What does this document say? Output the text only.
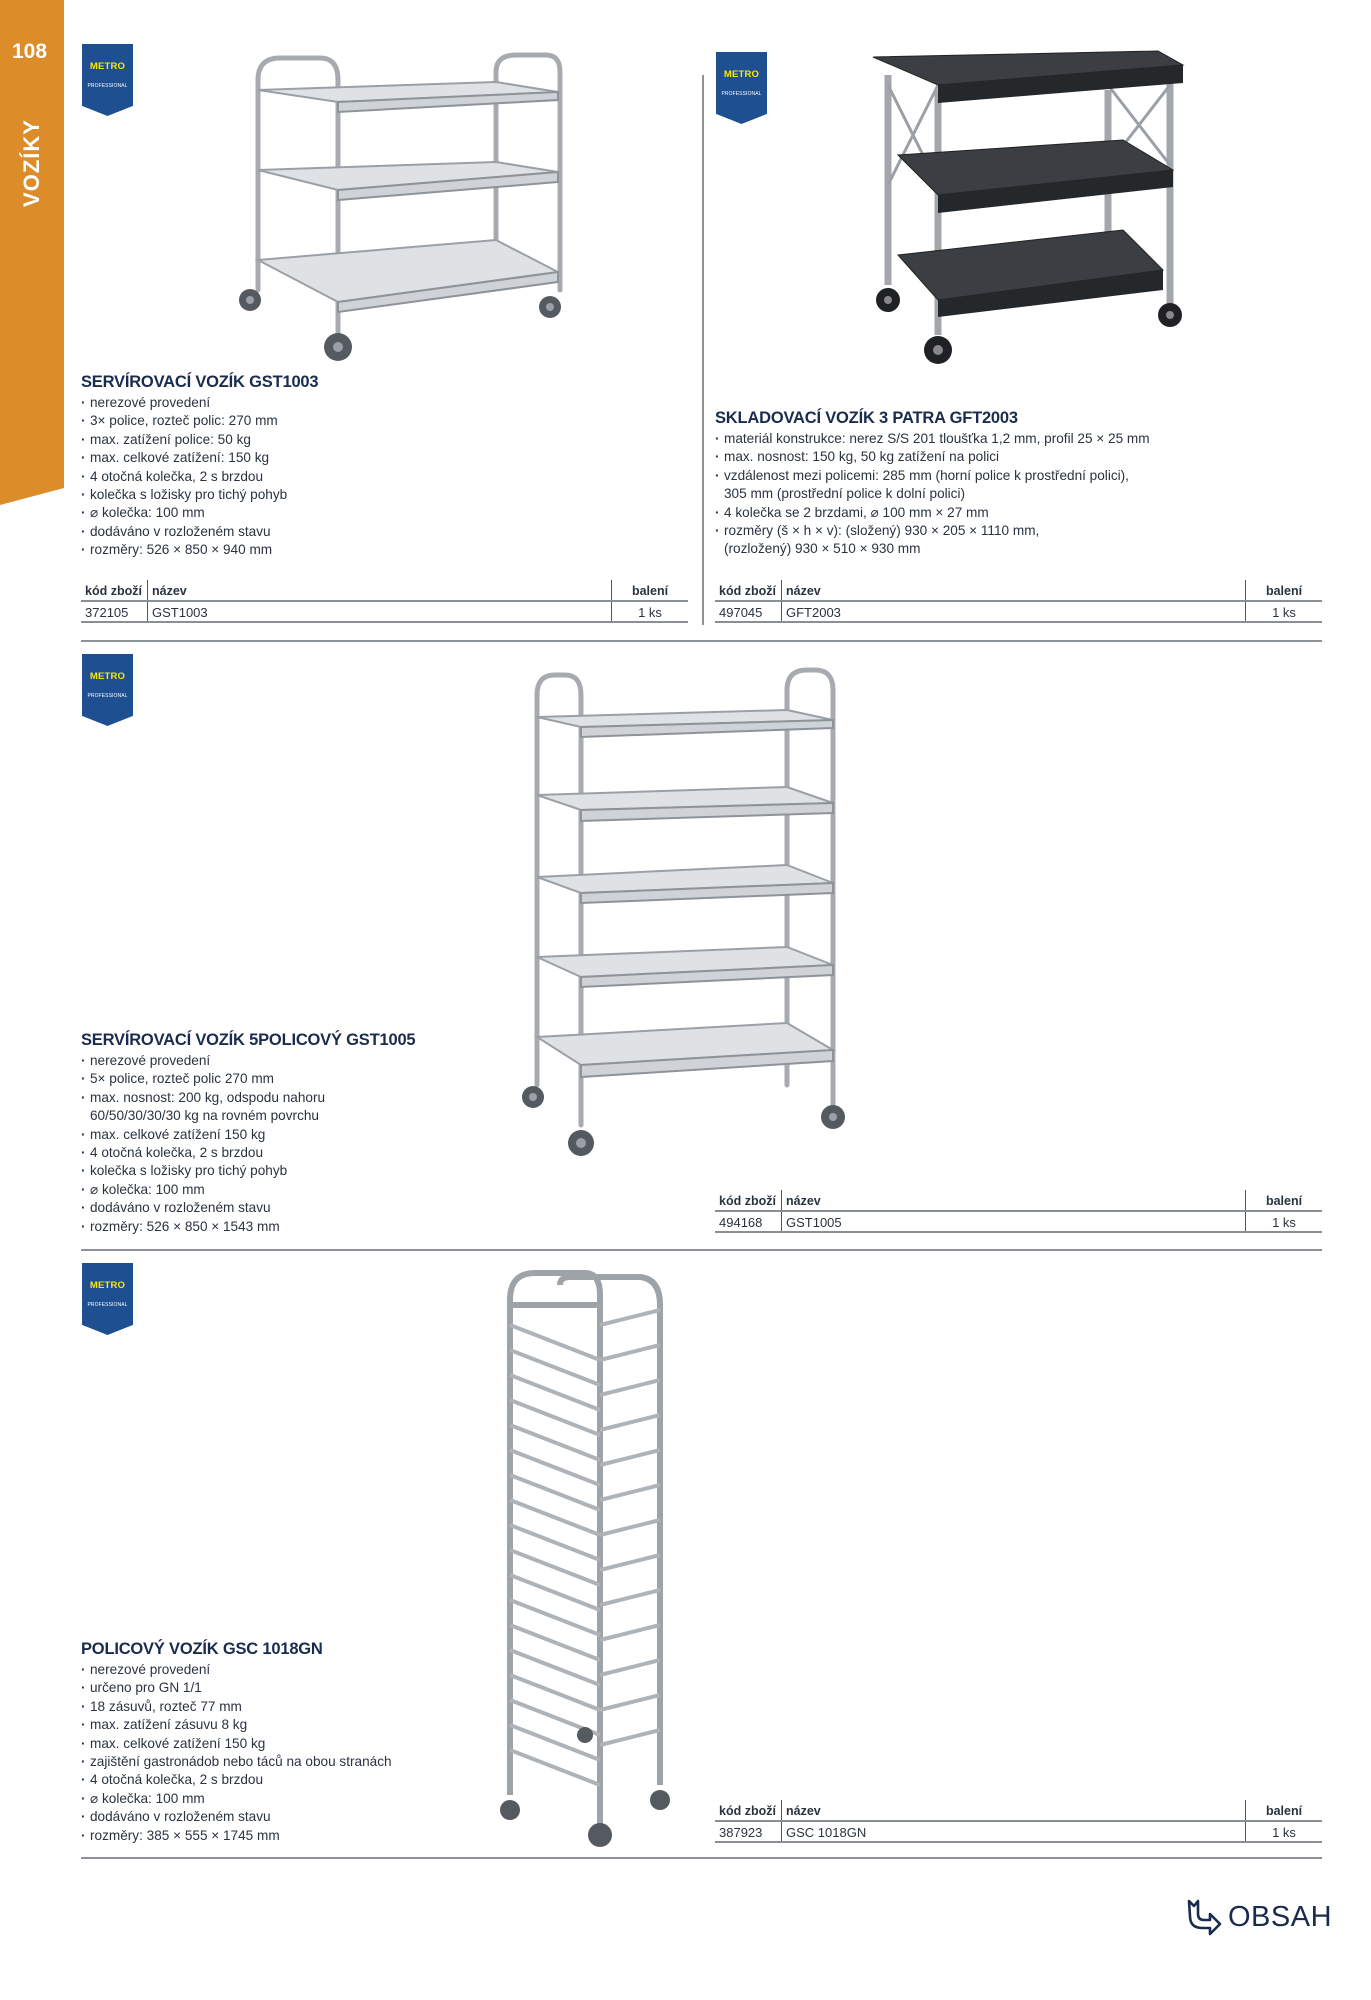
108
VOZÍKY
METRO
PROFESSIONAL
SERVÍROVACÍ VOZÍK GST1003
· nerezové provedení
· 3× police, rozteč polic: 270 mm
· max. zatížení police: 50 kg
· max. celkové zatížení: 150 kg
· 4 otočná kolečka, 2 s brzdou
· kolečka s ložisky pro tichý pohyb
· ⌀ kolečka: 100 mm
· dodáváno v rozloženém stavu
· rozměry: 526 × 850 × 940 mm
kód zboží	název	balení
372105	GST1003	1 ks
METRO
PROFESSIONAL
SKLADOVACÍ VOZÍK 3 PATRA GFT2003
· materiál konstrukce: nerez S/S 201 tloušťka 1,2 mm, profil 25 × 25 mm
· max. nosnost: 150 kg, 50 kg zatížení na polici
· vzdálenost mezi policemi: 285 mm (horní police k prostřední polici),
305 mm (prostřední police k dolní polici)
· 4 kolečka se 2 brzdami, ⌀ 100 mm × 27 mm
· rozměry (š × h × v): (složený) 930 × 205 × 1110 mm,
(rozložený) 930 × 510 × 930 mm
kód zboží	název	balení
497045	GFT2003	1 ks
METRO
PROFESSIONAL
SERVÍROVACÍ VOZÍK 5POLICOVÝ GST1005
· nerezové provedení
· 5× police, rozteč polic 270 mm
· max. nosnost: 200 kg, odspodu nahoru
60/50/30/30/30 kg na rovném povrchu
· max. celkové zatížení 150 kg
· 4 otočná kolečka, 2 s brzdou
· kolečka s ložisky pro tichý pohyb
· ⌀ kolečka: 100 mm
· dodáváno v rozloženém stavu
· rozměry: 526 × 850 × 1543 mm
kód zboží	název	balení
494168	GST1005	1 ks
METRO
PROFESSIONAL
POLICOVÝ VOZÍK GSC 1018GN
· nerezové provedení
· určeno pro GN 1/1
· 18 zásuvů, rozteč 77 mm
· max. zatížení zásuvu 8 kg
· max. celkové zatížení 150 kg
· zajištění gastronádob nebo táců na obou stranách
· 4 otočná kolečka, 2 s brzdou
· ⌀ kolečka: 100 mm
· dodáváno v rozloženém stavu
· rozměry: 385 × 555 × 1745 mm
kód zboží	název	balení
387923	GSC 1018GN	1 ks
OBSAH
